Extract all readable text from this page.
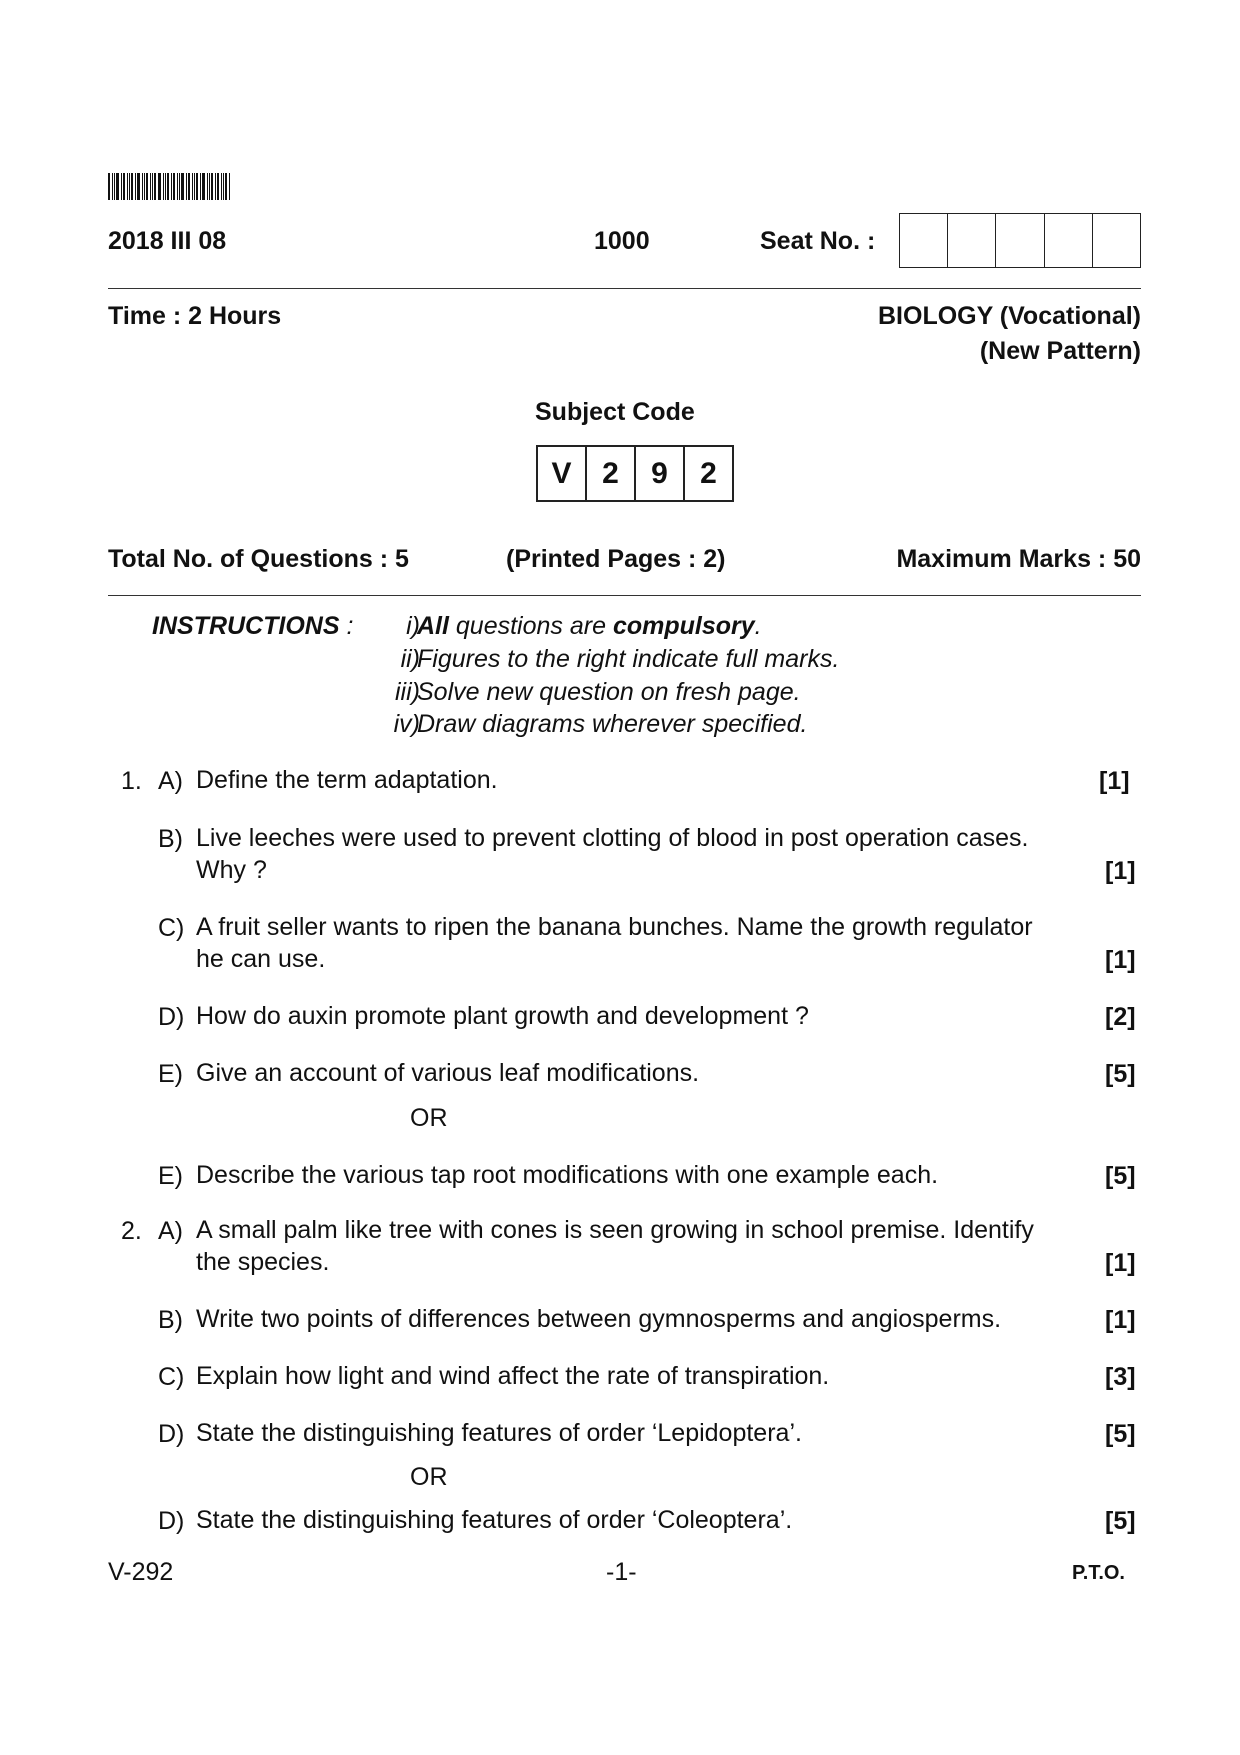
2018 III 08	1000	Seat No. :
Time : 2 Hours	BIOLOGY (Vocational)
(New Pattern)
Subject Code
V	2	9	2
Total No. of Questions : 5	(Printed Pages : 2)	Maximum Marks : 50
INSTRUCTIONS : i)
All questions are compulsory.
ii)
Figures to the right indicate full marks.
iii)
Solve new question on fresh page.
iv)
Draw diagrams wherever specified.
1. A) Define the term adaptation.	[1]
B) Live leeches were used to prevent clotting of blood in post operation cases.
Why ?	[1]
C) A fruit seller wants to ripen the banana bunches. Name the growth regulator
he can use.	[1]
D) How do auxin promote plant growth and development ?	[2]
E) Give an account of various leaf modifications.	[5]
OR
E) Describe the various tap root modifications with one example each.	[5]
2. A) A small palm like tree with cones is seen growing in school premise. Identify
the species.	[1]
B) Write two points of differences between gymnosperms and angiosperms.	[1]
C) Explain how light and wind affect the rate of transpiration.	[3]
D) State the distinguishing features of order ‘Lepidoptera’.	[5]
OR
D) State the distinguishing features of order ‘Coleoptera’.	[5]
V-292	-1-	P.T.O.
